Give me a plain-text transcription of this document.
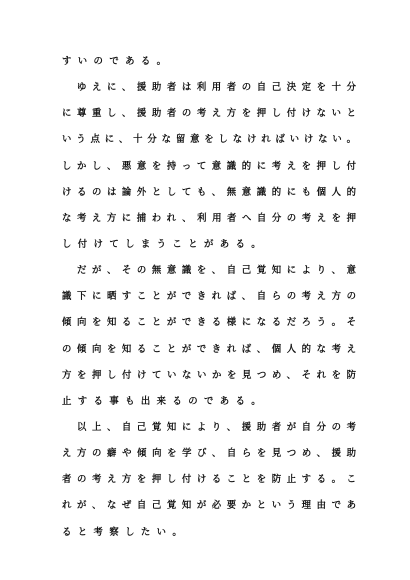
すいのである。

　ゆえに、援助者は利用者の自己決定を十分

に尊重し、援助者の考え方を押し付けないと

いう点に、十分な留意をしなければいけない。

しかし、悪意を持って意識的に考えを押し付

けるのは論外としても、無意識的にも個人的

な考え方に捕われ、利用者へ自分の考えを押

し付けてしまうことがある。

　だが、その無意識を、自己覚知により、意

識下に晒すことができれば、自らの考え方の

傾向を知ることができる様になるだろう。そ

の傾向を知ることができれば、個人的な考え

方を押し付けていないかを見つめ、それを防

止する事も出来るのである。

　以上、自己覚知により、援助者が自分の考

え方の癖や傾向を学び、自らを見つめ、援助

者の考え方を押し付けることを防止する。こ

れが、なぜ自己覚知が必要かという理由であ

ると考察したい。
